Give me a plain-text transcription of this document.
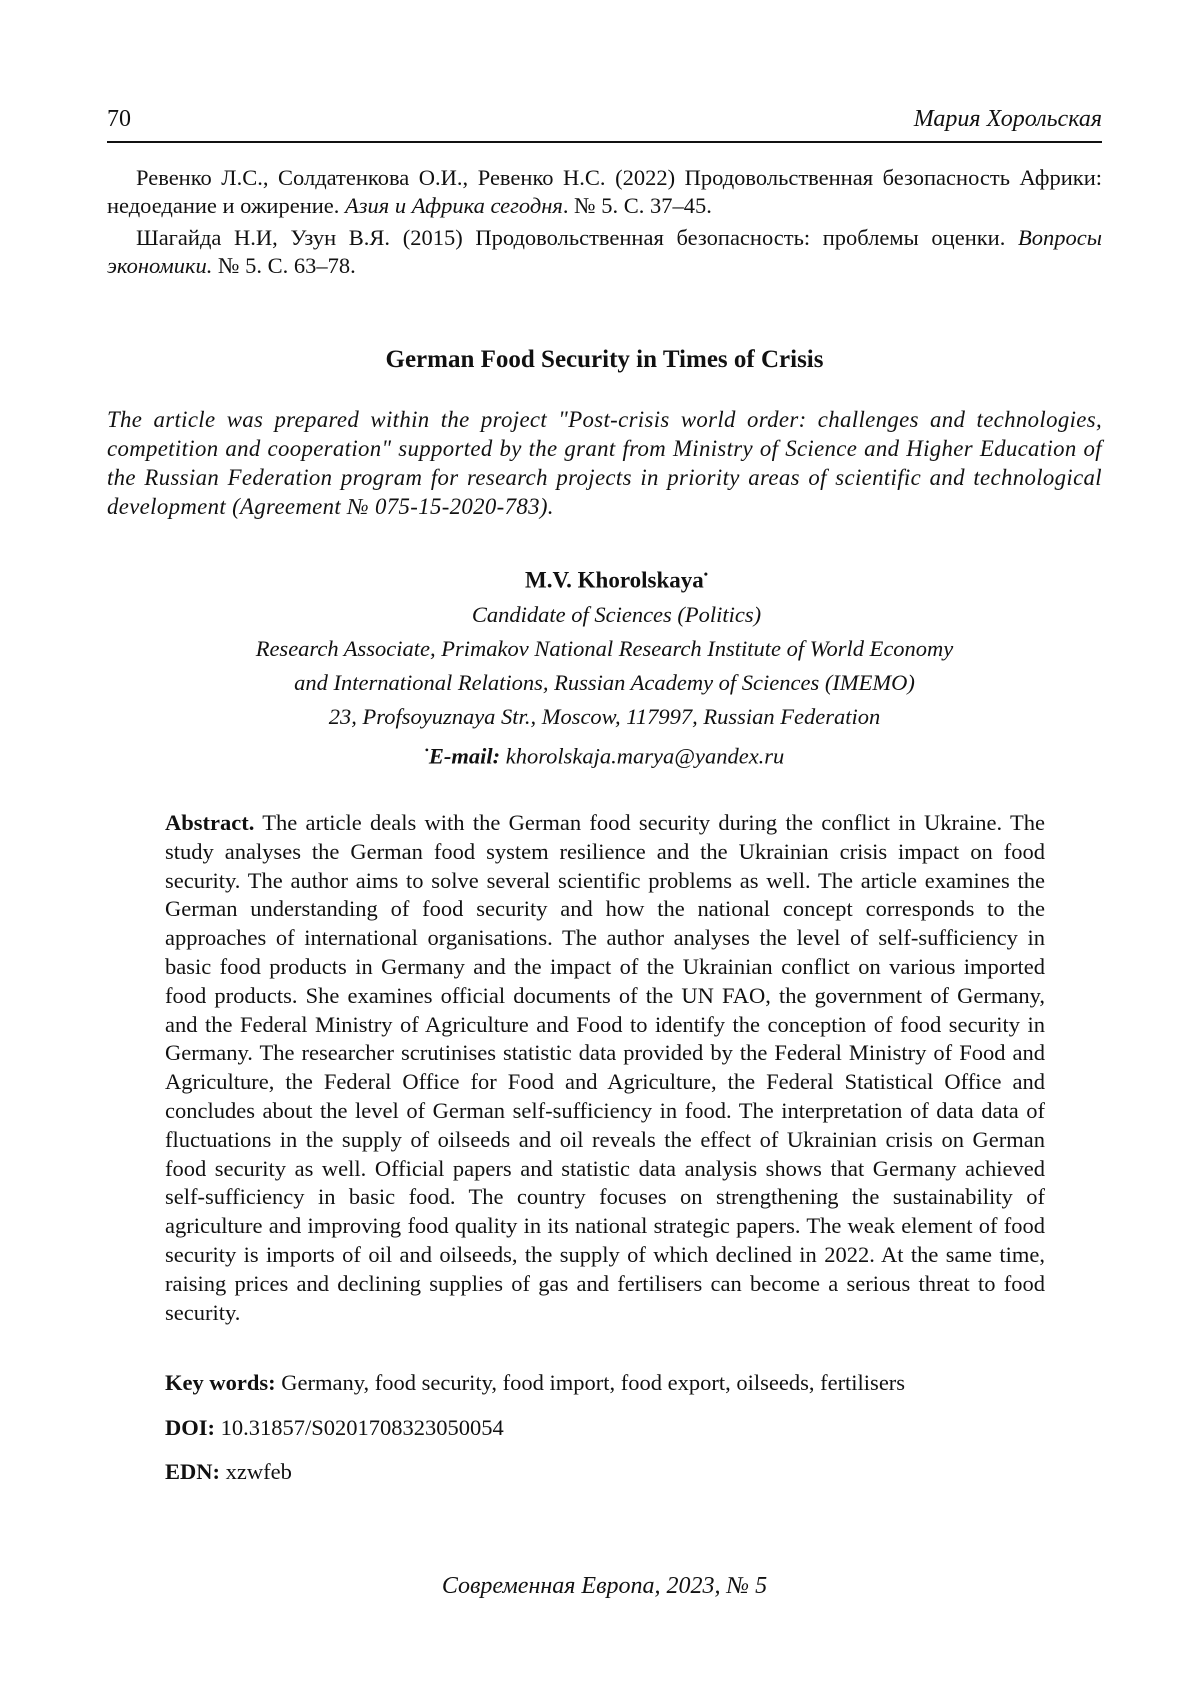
70	Мария Хорольская

Ревенко Л.С., Солдатенкова О.И., Ревенко Н.С. (2022) Продовольственная безопасность Африки: недоедание и ожирение. Азия и Африка сегодня. № 5. С. 37–45.

Шагайда Н.И, Узун В.Я. (2015) Продовольственная безопасность: проблемы оценки. Вопросы экономики. № 5. С. 63–78.

German Food Security in Times of Crisis
The article was prepared within the project "Post-crisis world order: challenges and technologies, competition and cooperation" supported by the grant from Ministry of Science and Higher Education of the Russian Federation program for research projects in priority areas of scientific and technological development (Agreement № 075-15-2020-783).
M.V. Khorolskaya•
Candidate of Sciences (Politics)
Research Associate, Primakov National Research Institute of World Economy
and International Relations, Russian Academy of Sciences (IMEMO)
23, Profsoyuznaya Str., Moscow, 117997, Russian Federation
•E-mail: khorolskaja.marya@yandex.ru

Abstract. The article deals with the German food security during the conflict in Ukraine. The study analyses the German food system resilience and the Ukrainian crisis impact on food security. The author aims to solve several scientific problems as well. The article examines the German understanding of food security and how the national concept corresponds to the approaches of international organisations. The author analyses the level of self-sufficiency in basic food products in Germany and the impact of the Ukrainian conflict on various imported food products. She examines official documents of the UN FAO, the government of Germany, and the Federal Ministry of Agriculture and Food to identify the conception of food security in Germany. The researcher scrutinises statistic data provided by the Federal Ministry of Food and Agriculture, the Federal Office for Food and Agriculture, the Federal Statistical Office and concludes about the level of German self-sufficiency in food. The interpretation of data data of fluctuations in the supply of oilseeds and oil reveals the effect of Ukrainian crisis on German food security as well. Official papers and statistic data analysis shows that Germany achieved self-sufficiency in basic food. The country focuses on strengthening the sustainability of agriculture and improving food quality in its national strategic papers. The weak element of food security is imports of oil and oilseeds, the supply of which declined in 2022. At the same time, raising prices and declining supplies of gas and fertilisers can become a serious threat to food security.

Key words: Germany, food security, food import, food export, oilseeds, fertilisers
DOI: 10.31857/S0201708323050054
EDN: xzwfeb
Современная Европа, 2023, № 5
